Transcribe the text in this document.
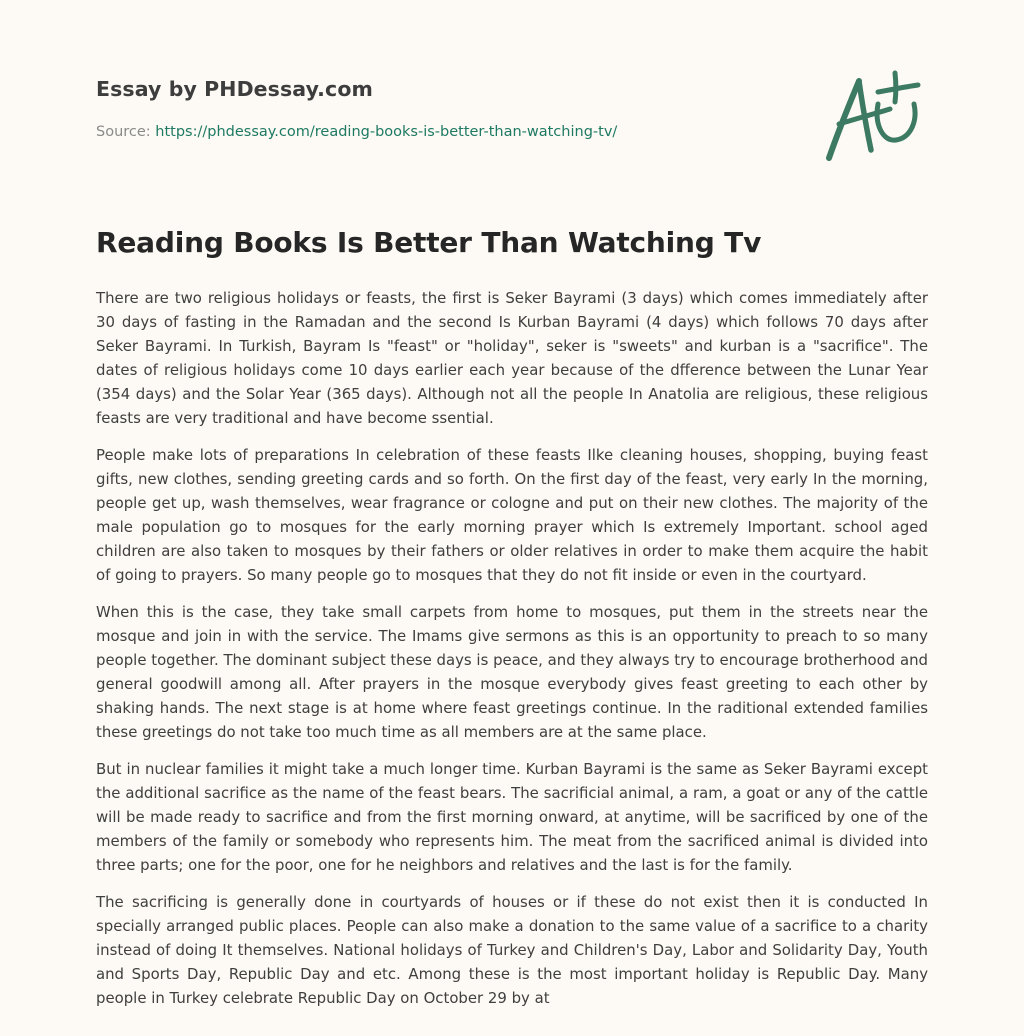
Essay by PHDessay.com
Source: https://phdessay.com/reading-books-is-better-than-watching-tv/
Reading Books Is Better Than Watching Tv

There are two religious holidays or feasts, the first is Seker Bayrami (3 days) which comes immediately after 30 days of fasting in the Ramadan and the second Is Kurban Bayrami (4 days) which follows 70 days after Seker Bayrami. In Turkish, Bayram Is "feast" or "holiday", seker is "sweets" and kurban is a "sacrifice". The dates of religious holidays come 10 days earlier each year because of the dfference between the Lunar Year (354 days) and the Solar Year (365 days). Although not all the people In Anatolia are religious, these religious feasts are very traditional and have become ssential.

People make lots of preparations In celebration of these feasts Ilke cleaning houses, shopping, buying feast gifts, new clothes, sending greeting cards and so forth. On the first day of the feast, very early In the morning, people get up, wash themselves, wear fragrance or cologne and put on their new clothes. The majority of the male population go to mosques for the early morning prayer which Is extremely Important. school aged children are also taken to mosques by their fathers or older relatives in order to make them acquire the habit of going to prayers. So many people go to mosques that they do not fit inside or even in the courtyard.

When this is the case, they take small carpets from home to mosques, put them in the streets near the mosque and join in with the service. The Imams give sermons as this is an opportunity to preach to so many people together. The dominant subject these days is peace, and they always try to encourage brotherhood and general goodwill among all. After prayers in the mosque everybody gives feast greeting to each other by shaking hands. The next stage is at home where feast greetings continue. In the raditional extended families these greetings do not take too much time as all members are at the same place.

But in nuclear families it might take a much longer time. Kurban Bayrami is the same as Seker Bayrami except the additional sacrifice as the name of the feast bears. The sacrificial animal, a ram, a goat or any of the cattle will be made ready to sacrifice and from the first morning onward, at anytime, will be sacrificed by one of the members of the family or somebody who represents him. The meat from the sacrificed animal is divided into three parts; one for the poor, one for he neighbors and relatives and the last is for the family.

The sacrificing is generally done in courtyards of houses or if these do not exist then it is conducted In specially arranged public places. People can also make a donation to the same value of a sacrifice to a charity instead of doing It themselves. National holidays of Turkey and Children's Day, Labor and Solidarity Day, Youth and Sports Day, Republic Day and etc. Among these is the most important holiday is Republic Day. Many people in Turkey celebrate Republic Day on October 29 by at
